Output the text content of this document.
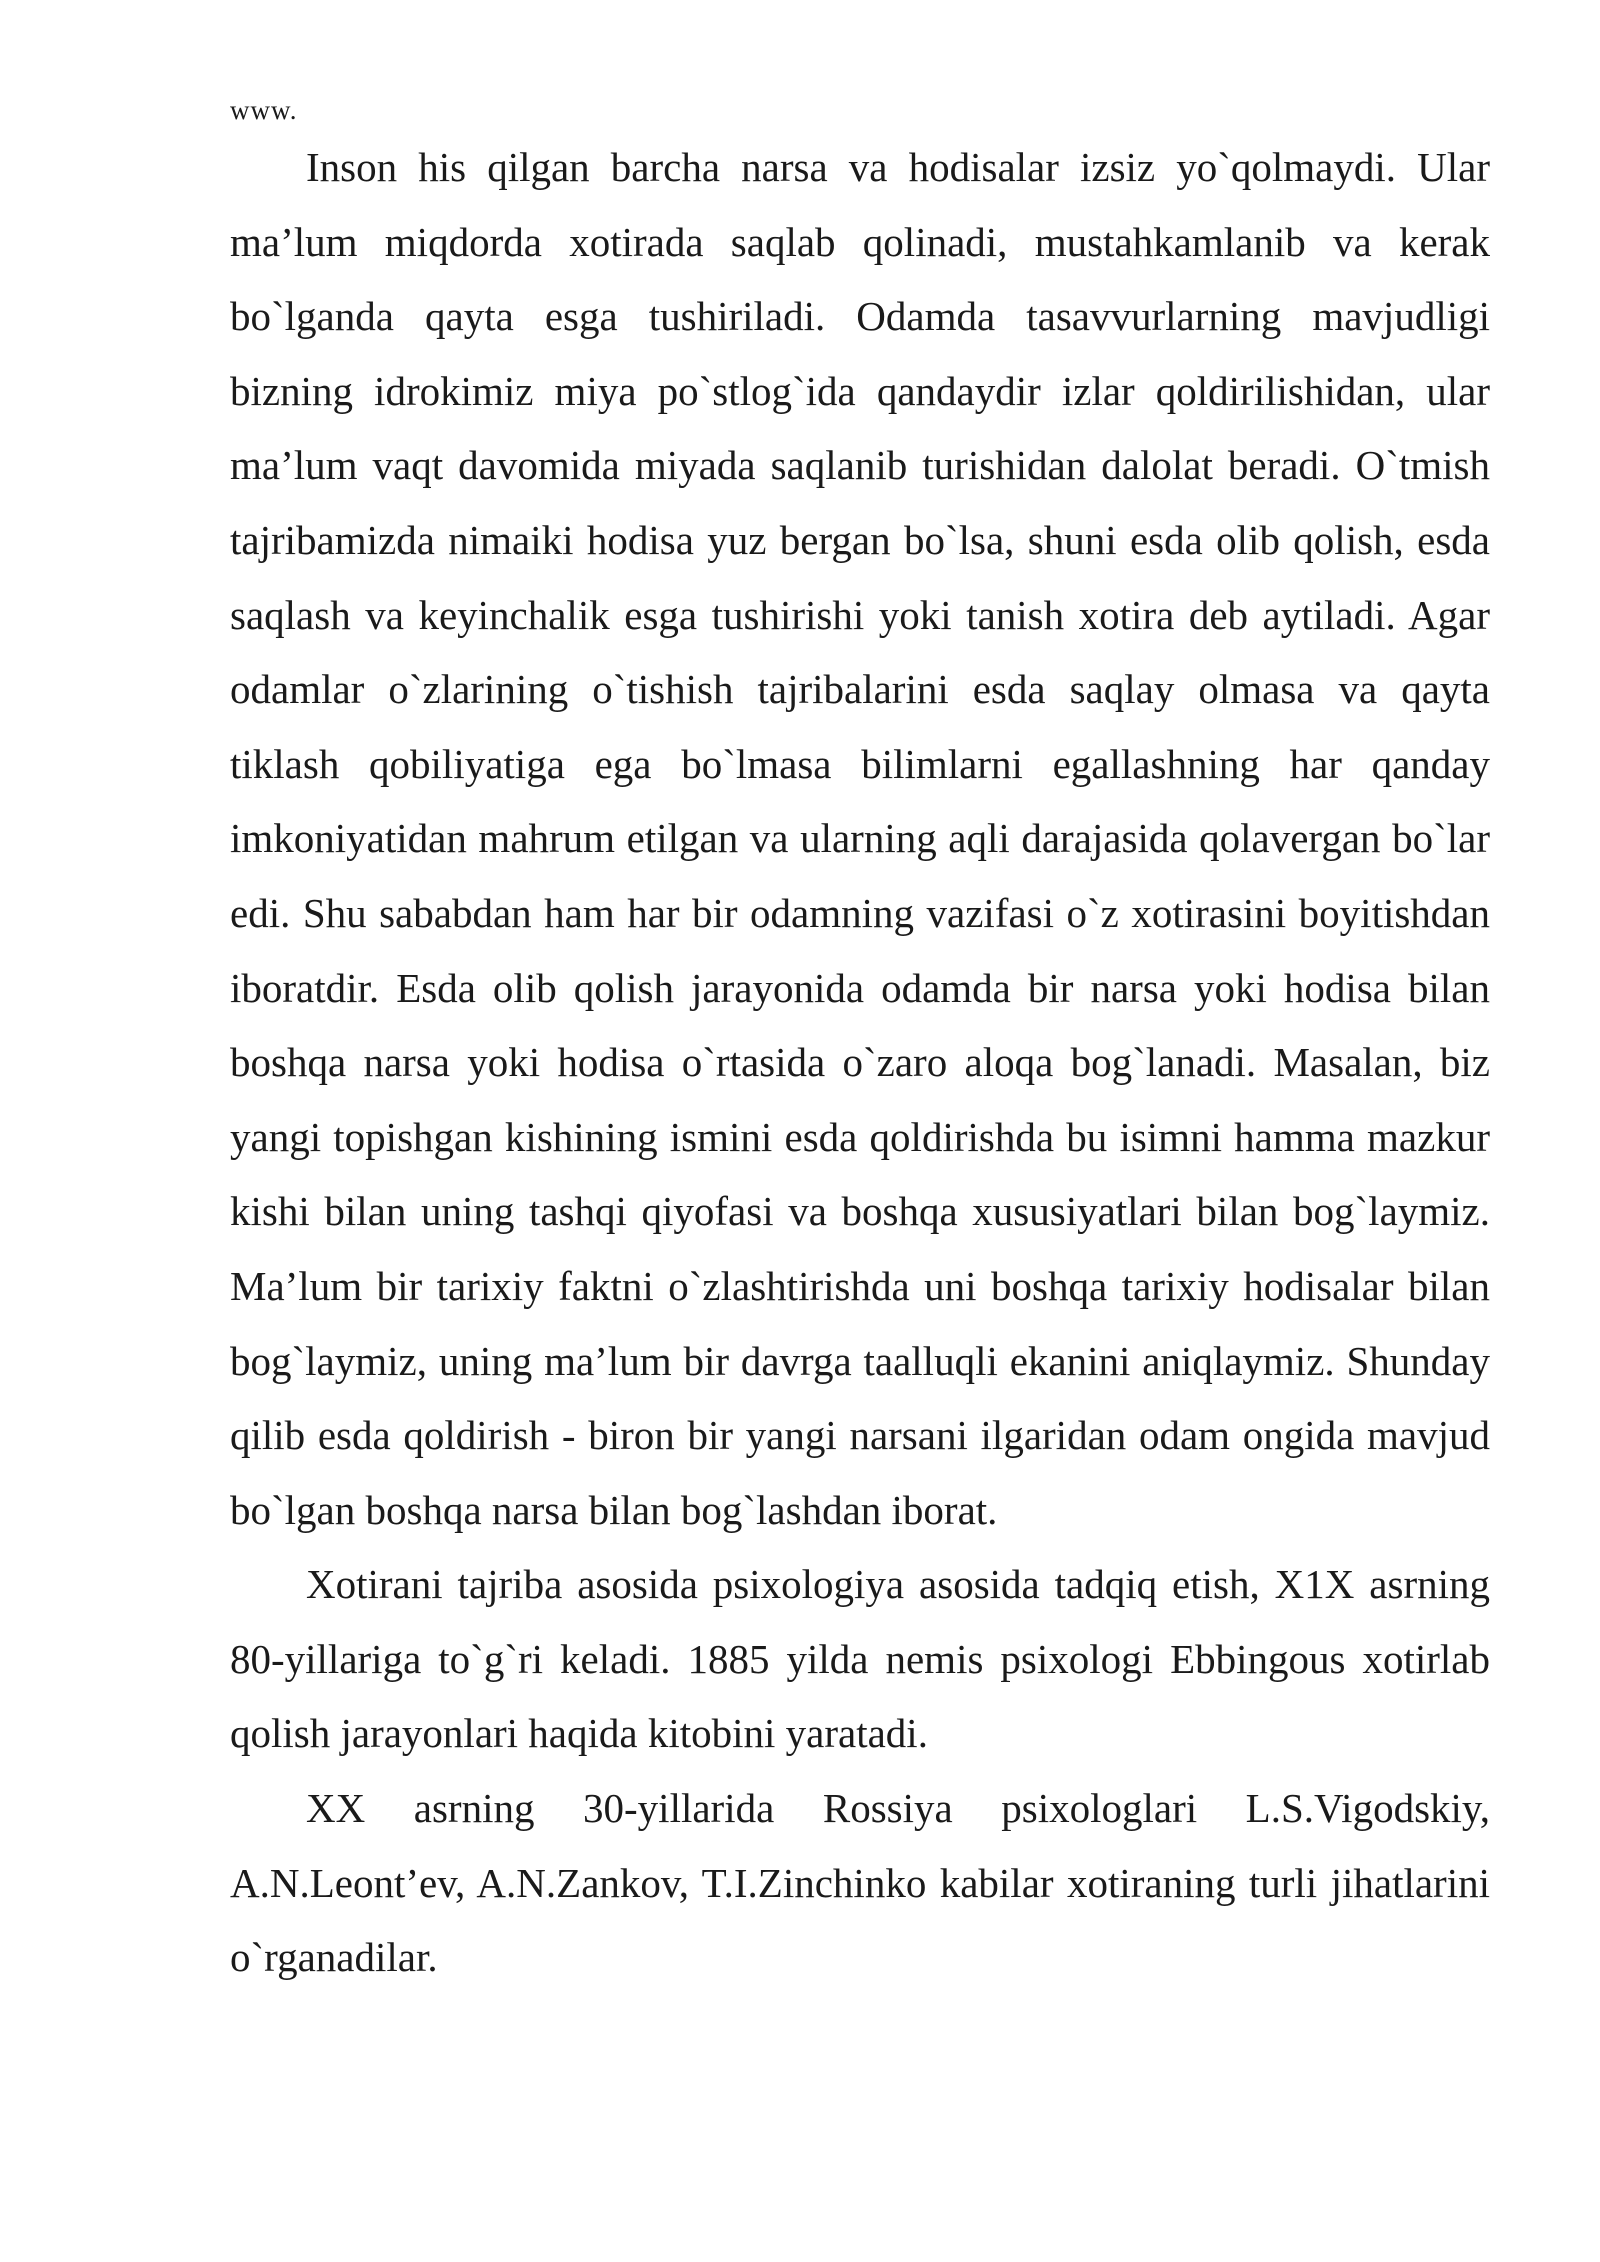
www.

Inson his qilgan barcha narsa va hodisalar izsiz yo`qolmaydi. Ular ma’lum miqdorda xotirada saqlab qolinadi, mustahkamlanib va kerak bo`lganda qayta esga tushiriladi. Odamda tasavvurlarning mavjudligi bizning idrokimiz miya po`stlog`ida qandaydir izlar qoldirilishidan, ular ma’lum vaqt davomida miyada saqlanib turishidan dalolat beradi. O`tmish tajribamizda nimaiki hodisa yuz bergan bo`lsa, shuni esda olib qolish, esda saqlash va keyinchalik esga tushirishi yoki tanish xotira deb aytiladi. Agar odamlar o`zlarining o`tishish tajribalarini esda saqlay olmasa va qayta tiklash qobiliyatiga ega bo`lmasa bilimlarni egallashning har qanday imkoniyatidan mahrum etilgan va ularning aqli darajasida qolavergan bo`lar edi. Shu sababdan ham har bir odamning vazifasi o`z xotirasini boyitishdan iboratdir. Esda olib qolish jarayonida odamda bir narsa yoki hodisa bilan boshqa narsa yoki hodisa o`rtasida o`zaro aloqa bog`lanadi. Masalan, biz yangi topishgan kishining ismini esda qoldirishda bu isimni hamma mazkur kishi bilan uning tashqi qiyofasi va boshqa xususiyatlari bilan bog`laymiz. Ma’lum bir tarixiy faktni o`zlashtirishda uni boshqa tarixiy hodisalar bilan bog`laymiz, uning ma’lum bir davrga taalluqli ekanini aniqlaymiz. Shunday qilib esda qoldirish - biron bir yangi narsani ilgaridan odam ongida mavjud bo`lgan boshqa narsa bilan bog`lashdan iborat.

Xotirani tajriba asosida psixologiya asosida tadqiq etish, X1X asrning 80-yillariga to`g`ri keladi. 1885 yilda nemis psixologi Ebbingous xotirlab qolish jarayonlari haqida kitobini yaratadi.

XX asrning 30-yillarida Rossiya psixologlari L.S.Vigodskiy, A.N.Leont’ev, A.N.Zankov, T.I.Zinchinko kabilar xotiraning turli jihatlarini o`rganadilar.
